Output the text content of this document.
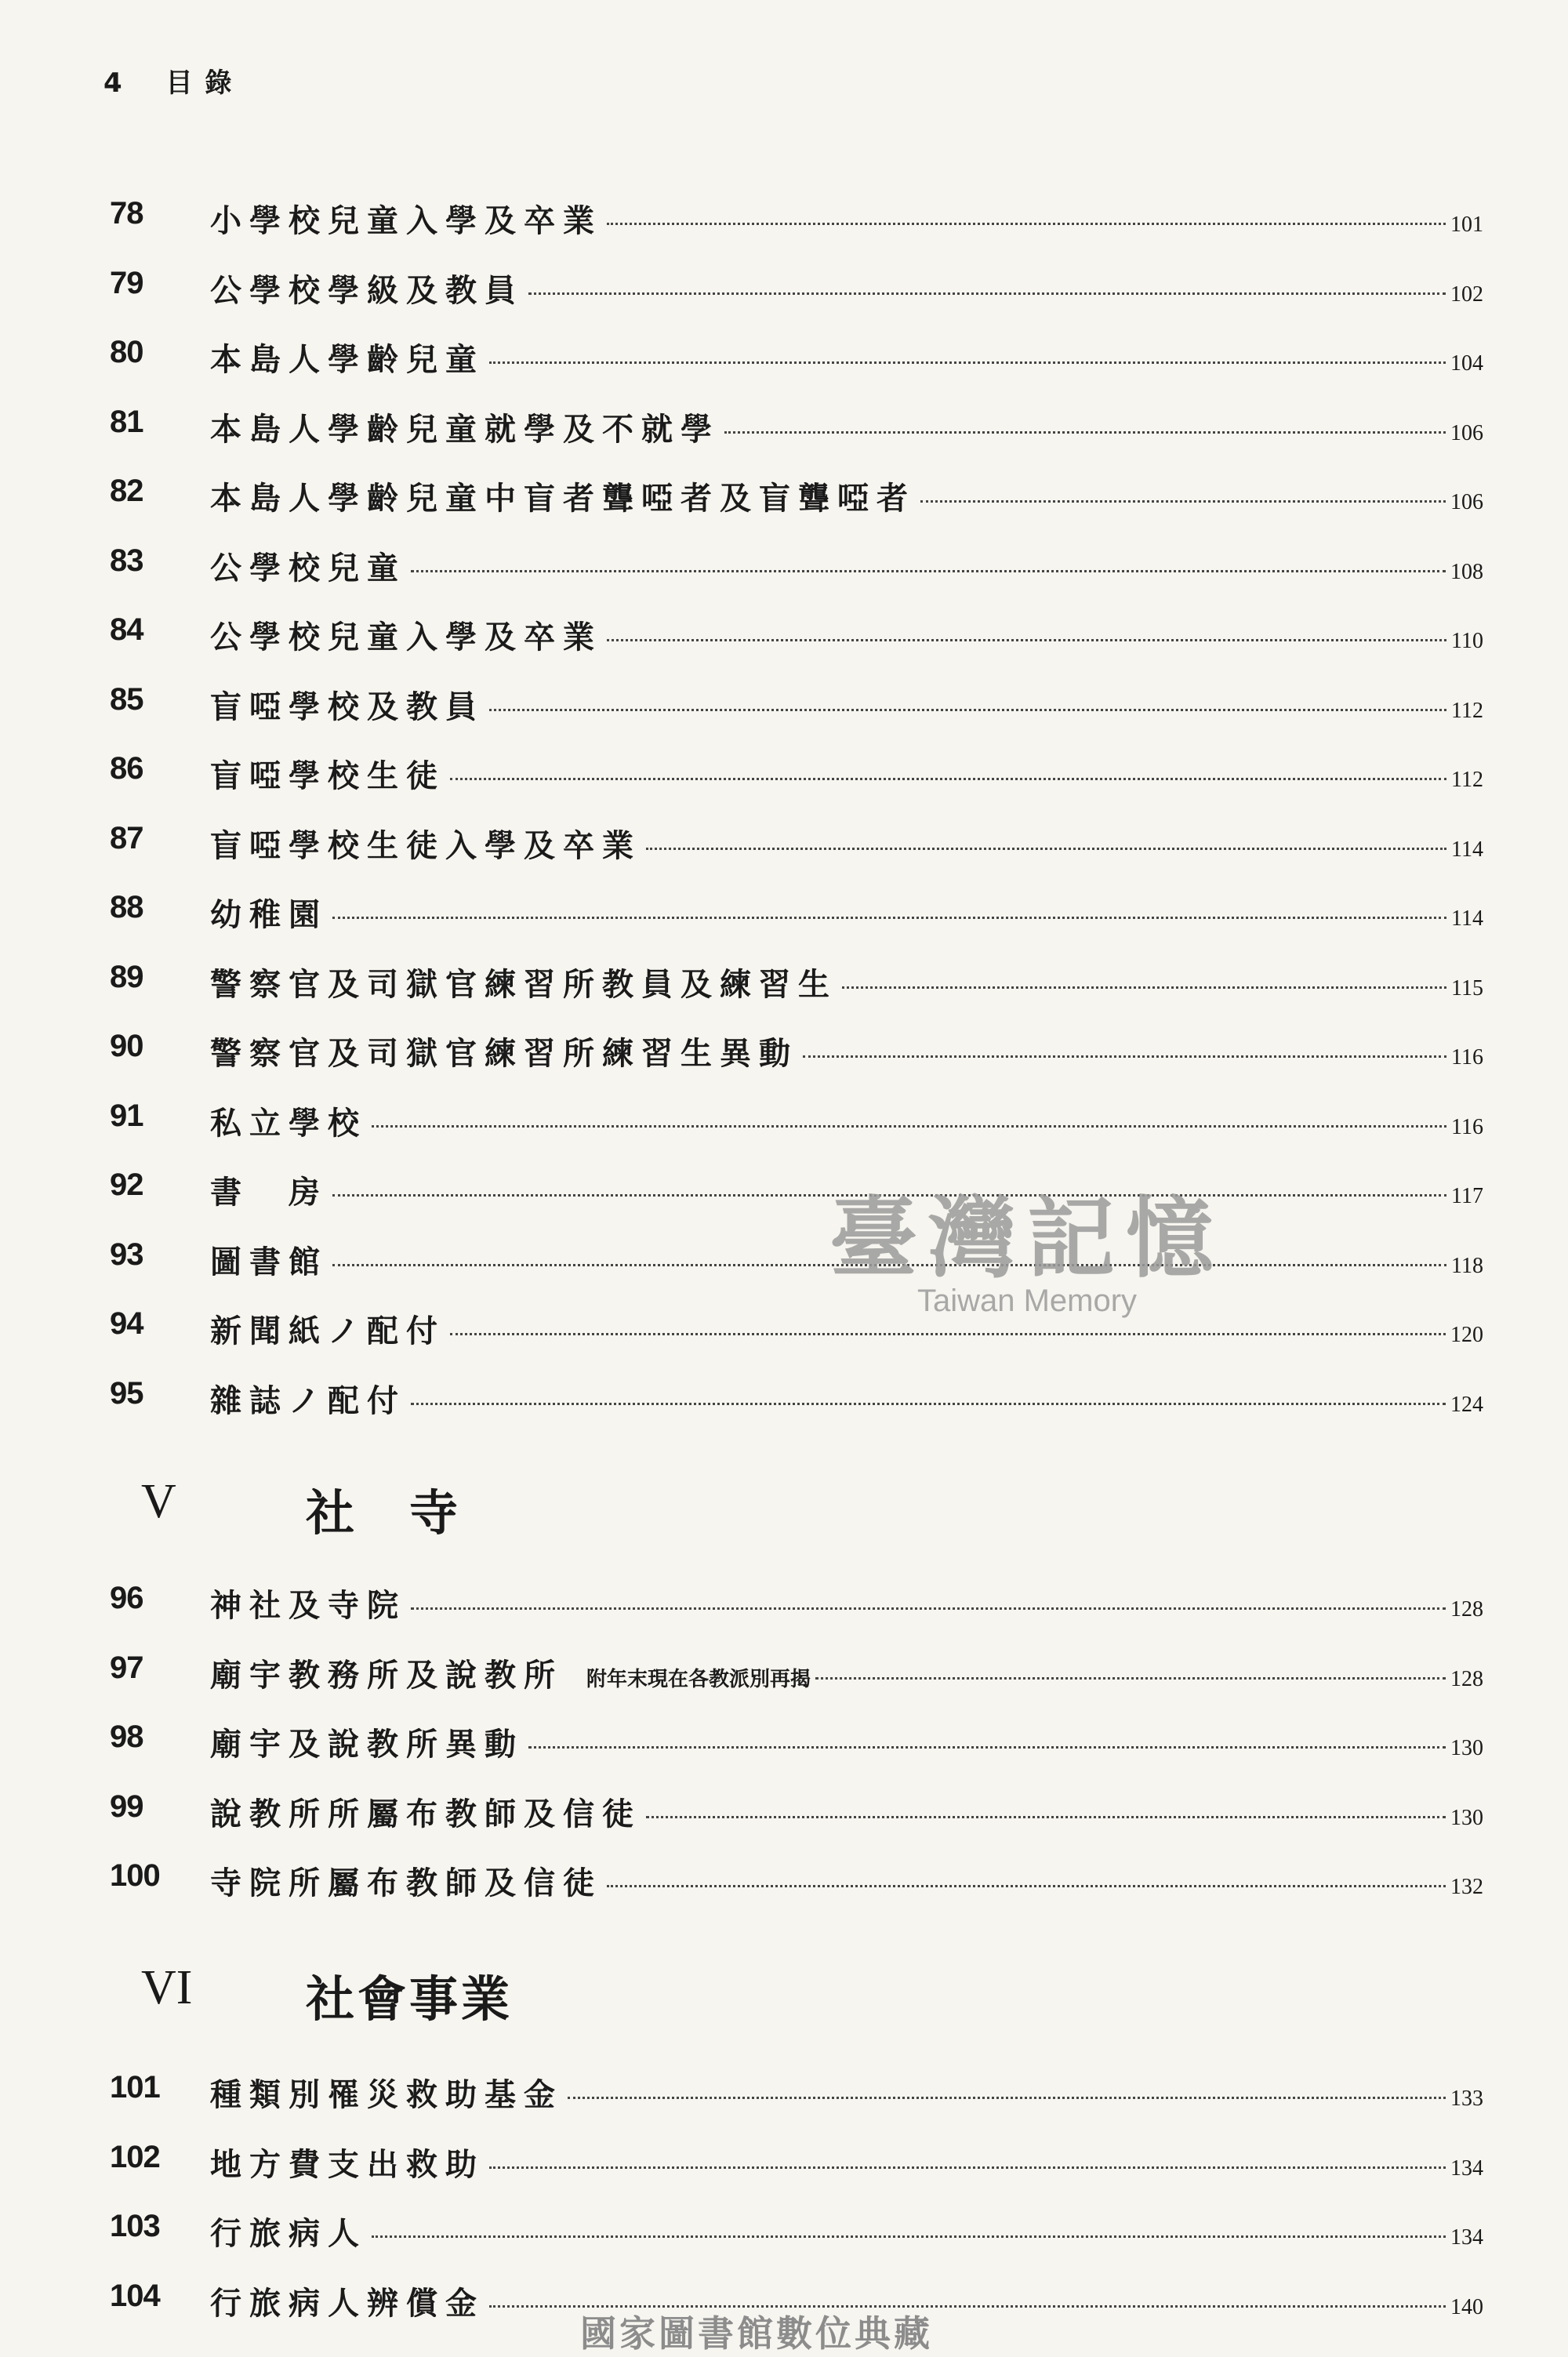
4 目 錄
78	小學校兒童入學及卒業	101
79	公學校學級及教員	102
80	本島人學齡兒童	104
81	本島人學齡兒童就學及不就學	106
82	本島人學齡兒童中盲者聾啞者及盲聾啞者	106
83	公學校兒童	108
84	公學校兒童入學及卒業	110
85	盲啞學校及教員	112
86	盲啞學校生徒	112
87	盲啞學校生徒入學及卒業	114
88	幼稚園	114
89	警察官及司獄官練習所教員及練習生	115
90	警察官及司獄官練習所練習生異動	116
91	私立學校	116
92	書　房	117
93	圖書館	118
94	新聞紙ノ配付	120
95	雜誌ノ配付	124
V	社寺
96	神社及寺院	128
97	廟宇教務所及說教所 附年末現在各教派別再揭	128
98	廟宇及說教所異動	130
99	說教所所屬布教師及信徒	130
100	寺院所屬布教師及信徒	132
VI 社會事業
101	種類別罹災救助基金	133
102	地方費支出救助	134
103	行旅病人	134
104	行旅病人辨償金	140
臺灣記憶
Taiwan Memory
國家圖書館數位典藏
